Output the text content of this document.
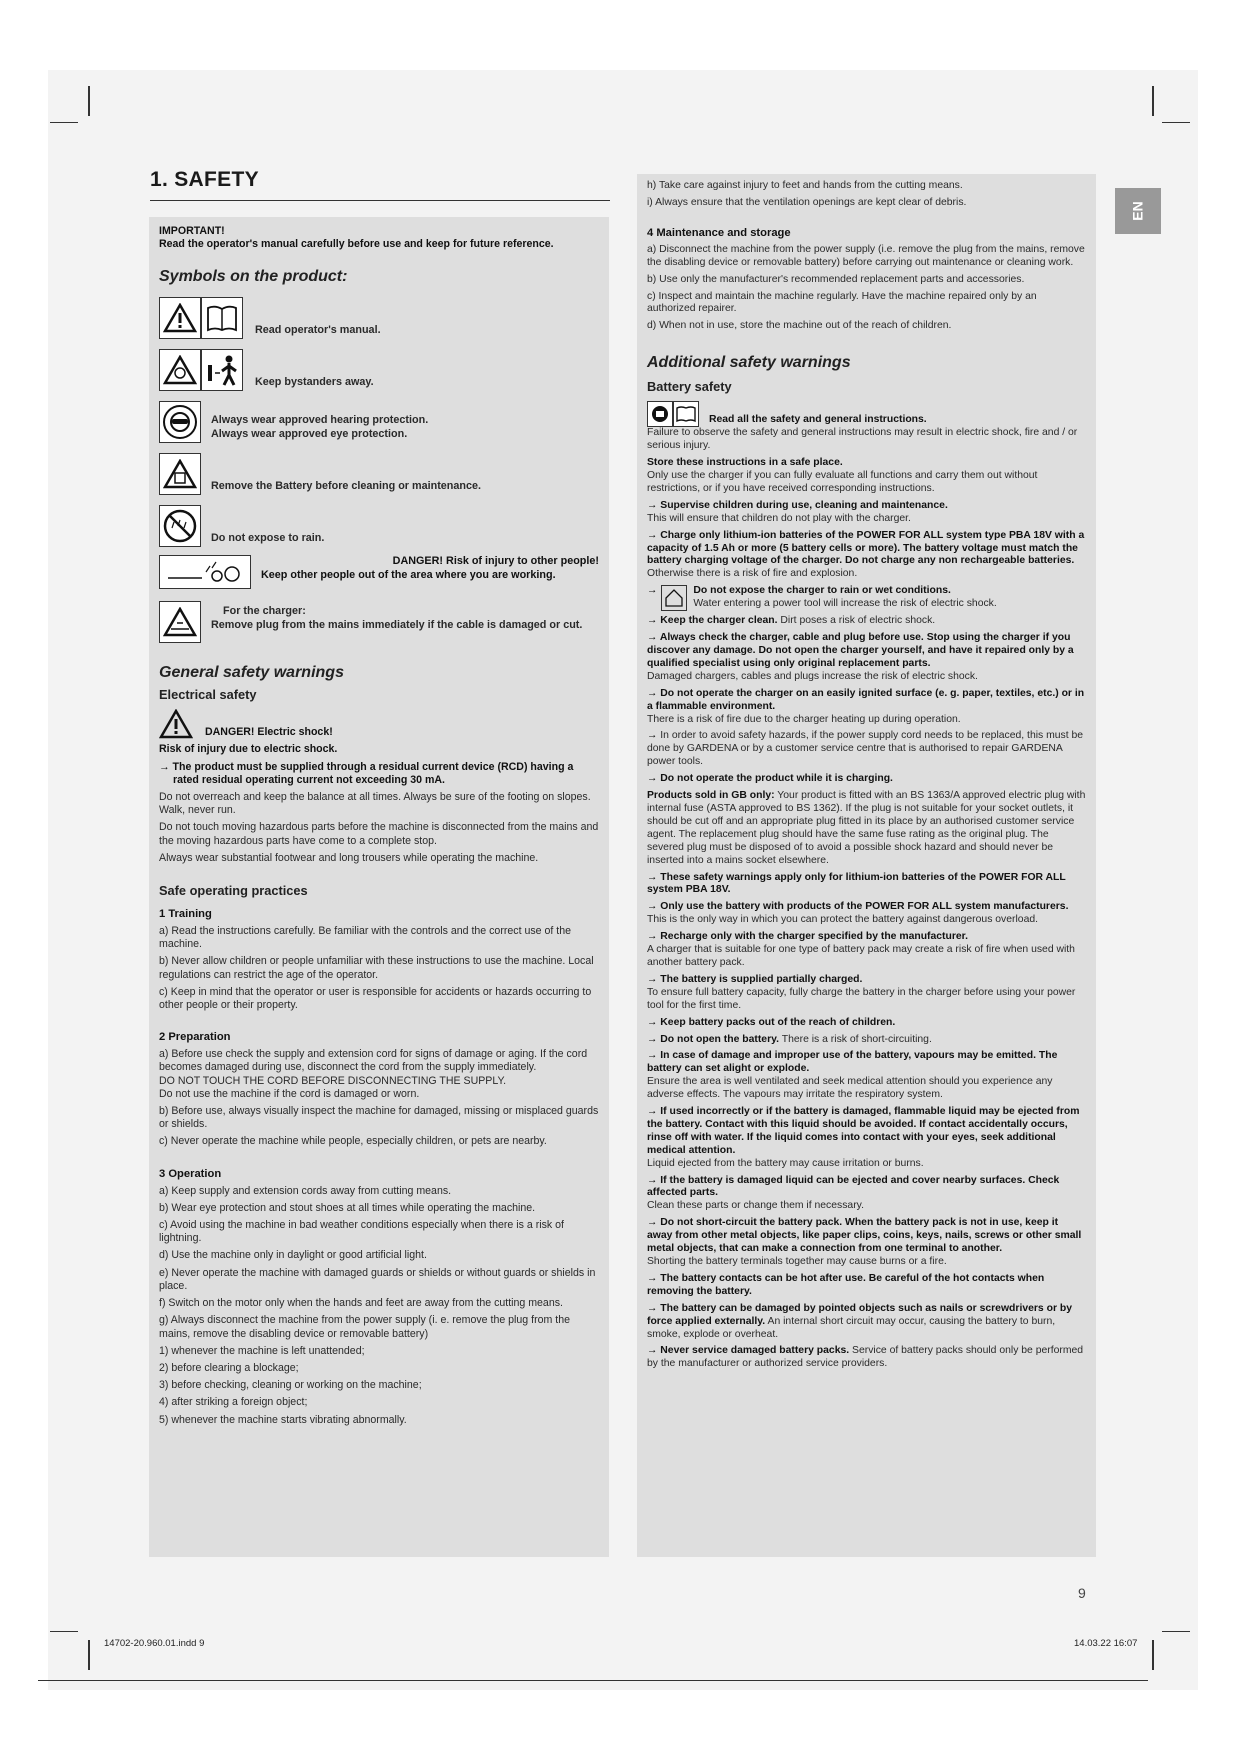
EN
1. SAFETY

IMPORTANT!

Read the operator's manual carefully before use and keep for future reference.

Symbols on the product:

Read operator's manual.
Keep bystanders away.
Always wear approved hearing protection.
Always wear approved eye protection.
Remove the Battery before cleaning or maintenance.
Do not expose to rain.
DANGER! Risk of injury to other people!
Keep other people out of the area where you are working.
For the charger:
Remove plug from the mains immediately if the cable is damaged or cut.

General safety warnings

Electrical safety

DANGER! Electric shock!

Risk of injury due to electric shock.

→ The product must be supplied through a residual current device (RCD) having a rated residual operating current not exceeding 30 mA.

Do not overreach and keep the balance at all times. Always be sure of the footing on slopes. Walk, never run.

Do not touch moving hazardous parts before the machine is disconnected from the mains and the moving hazardous parts have come to a complete stop.

Always wear substantial footwear and long trousers while operating the machine.

Safe operating practices

1 Training

a) Read the instructions carefully. Be familiar with the controls and the correct use of the machine.

b) Never allow children or people unfamiliar with these instructions to use the machine. Local regulations can restrict the age of the operator.

c) Keep in mind that the operator or user is responsible for accidents or hazards occurring to other people or their property.

2 Preparation

a) Before use check the supply and extension cord for signs of damage or aging. If the cord becomes damaged during use, disconnect the cord from the supply immediately.

DO NOT TOUCH THE CORD BEFORE DISCONNECTING THE SUPPLY.

Do not use the machine if the cord is damaged or worn.

b) Before use, always visually inspect the machine for damaged, missing or misplaced guards or shields.

c) Never operate the machine while people, especially children, or pets are nearby.

3 Operation

a) Keep supply and extension cords away from cutting means.

b) Wear eye protection and stout shoes at all times while operating the machine.

c) Avoid using the machine in bad weather conditions especially when there is a risk of lightning.

d) Use the machine only in daylight or good artificial light.

e) Never operate the machine with damaged guards or shields or without guards or shields in place.

f) Switch on the motor only when the hands and feet are away from the cutting means.

g) Always disconnect the machine from the power supply (i. e. remove the plug from the mains, remove the disabling device or removable battery)

1) whenever the machine is left unattended;

2) before clearing a blockage;

3) before checking, cleaning or working on the machine;

4) after striking a foreign object;

5) whenever the machine starts vibrating abnormally.

h) Take care against injury to feet and hands from the cutting means.

i) Always ensure that the ventilation openings are kept clear of debris.

4 Maintenance and storage

a) Disconnect the machine from the power supply (i.e. remove the plug from the mains, remove the disabling device or removable battery) before carrying out maintenance or cleaning work.

b) Use only the manufacturer's recommended replacement parts and accessories.

c) Inspect and maintain the machine regularly. Have the machine repaired only by an authorized repairer.

d) When not in use, store the machine out of the reach of children.

Additional safety warnings

Battery safety

Read all the safety and general instructions.

Failure to observe the safety and general instructions may result in electric shock, fire and / or serious injury.

Store these instructions in a safe place.

Only use the charger if you can fully evaluate all functions and carry them out without restrictions, or if you have received corresponding instructions.

→ Supervise children during use, cleaning and maintenance.

This will ensure that children do not play with the charger.

→ Charge only lithium-ion batteries of the POWER FOR ALL system type PBA 18V with a capacity of 1.5 Ah or more (5 battery cells or more). The battery voltage must match the battery charging voltage of the charger. Do not charge any non rechargeable batteries.

Otherwise there is a risk of fire and explosion.

→	Do not expose the charger to rain or wet conditions.
Water entering a power tool will increase the risk of electric shock.

→ Keep the charger clean. Dirt poses a risk of electric shock.

→ Always check the charger, cable and plug before use. Stop using the charger if you discover any damage. Do not open the charger yourself, and have it repaired only by a qualified specialist using only original replacement parts.

Damaged chargers, cables and plugs increase the risk of electric shock.

→ Do not operate the charger on an easily ignited surface (e. g. paper, textiles, etc.) or in a flammable environment.

There is a risk of fire due to the charger heating up during operation.

→ In order to avoid safety hazards, if the power supply cord needs to be replaced, this must be done by GARDENA or by a customer service centre that is authorised to repair GARDENA power tools.

→ Do not operate the product while it is charging.

Products sold in GB only: Your product is fitted with an BS 1363/A approved electric plug with internal fuse (ASTA approved to BS 1362). If the plug is not suitable for your socket outlets, it should be cut off and an appropriate plug fitted in its place by an authorised customer service agent. The replacement plug should have the same fuse rating as the original plug. The severed plug must be disposed of to avoid a possible shock hazard and should never be inserted into a mains socket elsewhere.

→ These safety warnings apply only for lithium-ion batteries of the POWER FOR ALL system PBA 18V.

→ Only use the battery with products of the POWER FOR ALL system manufacturers. This is the only way in which you can protect the battery against dangerous overload.

→ Recharge only with the charger specified by the manufacturer.

A charger that is suitable for one type of battery pack may create a risk of fire when used with another battery pack.

→ The battery is supplied partially charged.

To ensure full battery capacity, fully charge the battery in the charger before using your power tool for the first time.

→ Keep battery packs out of the reach of children.

→ Do not open the battery. There is a risk of short-circuiting.

→ In case of damage and improper use of the battery, vapours may be emitted. The battery can set alight or explode.

Ensure the area is well ventilated and seek medical attention should you experience any adverse effects. The vapours may irritate the respiratory system.

→ If used incorrectly or if the battery is damaged, flammable liquid may be ejected from the battery. Contact with this liquid should be avoided. If contact accidentally occurs, rinse off with water. If the liquid comes into contact with your eyes, seek additional medical attention.

Liquid ejected from the battery may cause irritation or burns.

→ If the battery is damaged liquid can be ejected and cover nearby surfaces. Check affected parts.

Clean these parts or change them if necessary.

→ Do not short-circuit the battery pack. When the battery pack is not in use, keep it away from other metal objects, like paper clips, coins, keys, nails, screws or other small metal objects, that can make a connection from one terminal to another.

Shorting the battery terminals together may cause burns or a fire.

→ The battery contacts can be hot after use. Be careful of the hot contacts when removing the battery.

→ The battery can be damaged by pointed objects such as nails or screwdrivers or by force applied externally. An internal short circuit may occur, causing the battery to burn, smoke, explode or overheat.

→ Never service damaged battery packs. Service of battery packs should only be performed by the manufacturer or authorized service providers.

9
14702-20.960.01.indd 9	14.03.22 16:07
